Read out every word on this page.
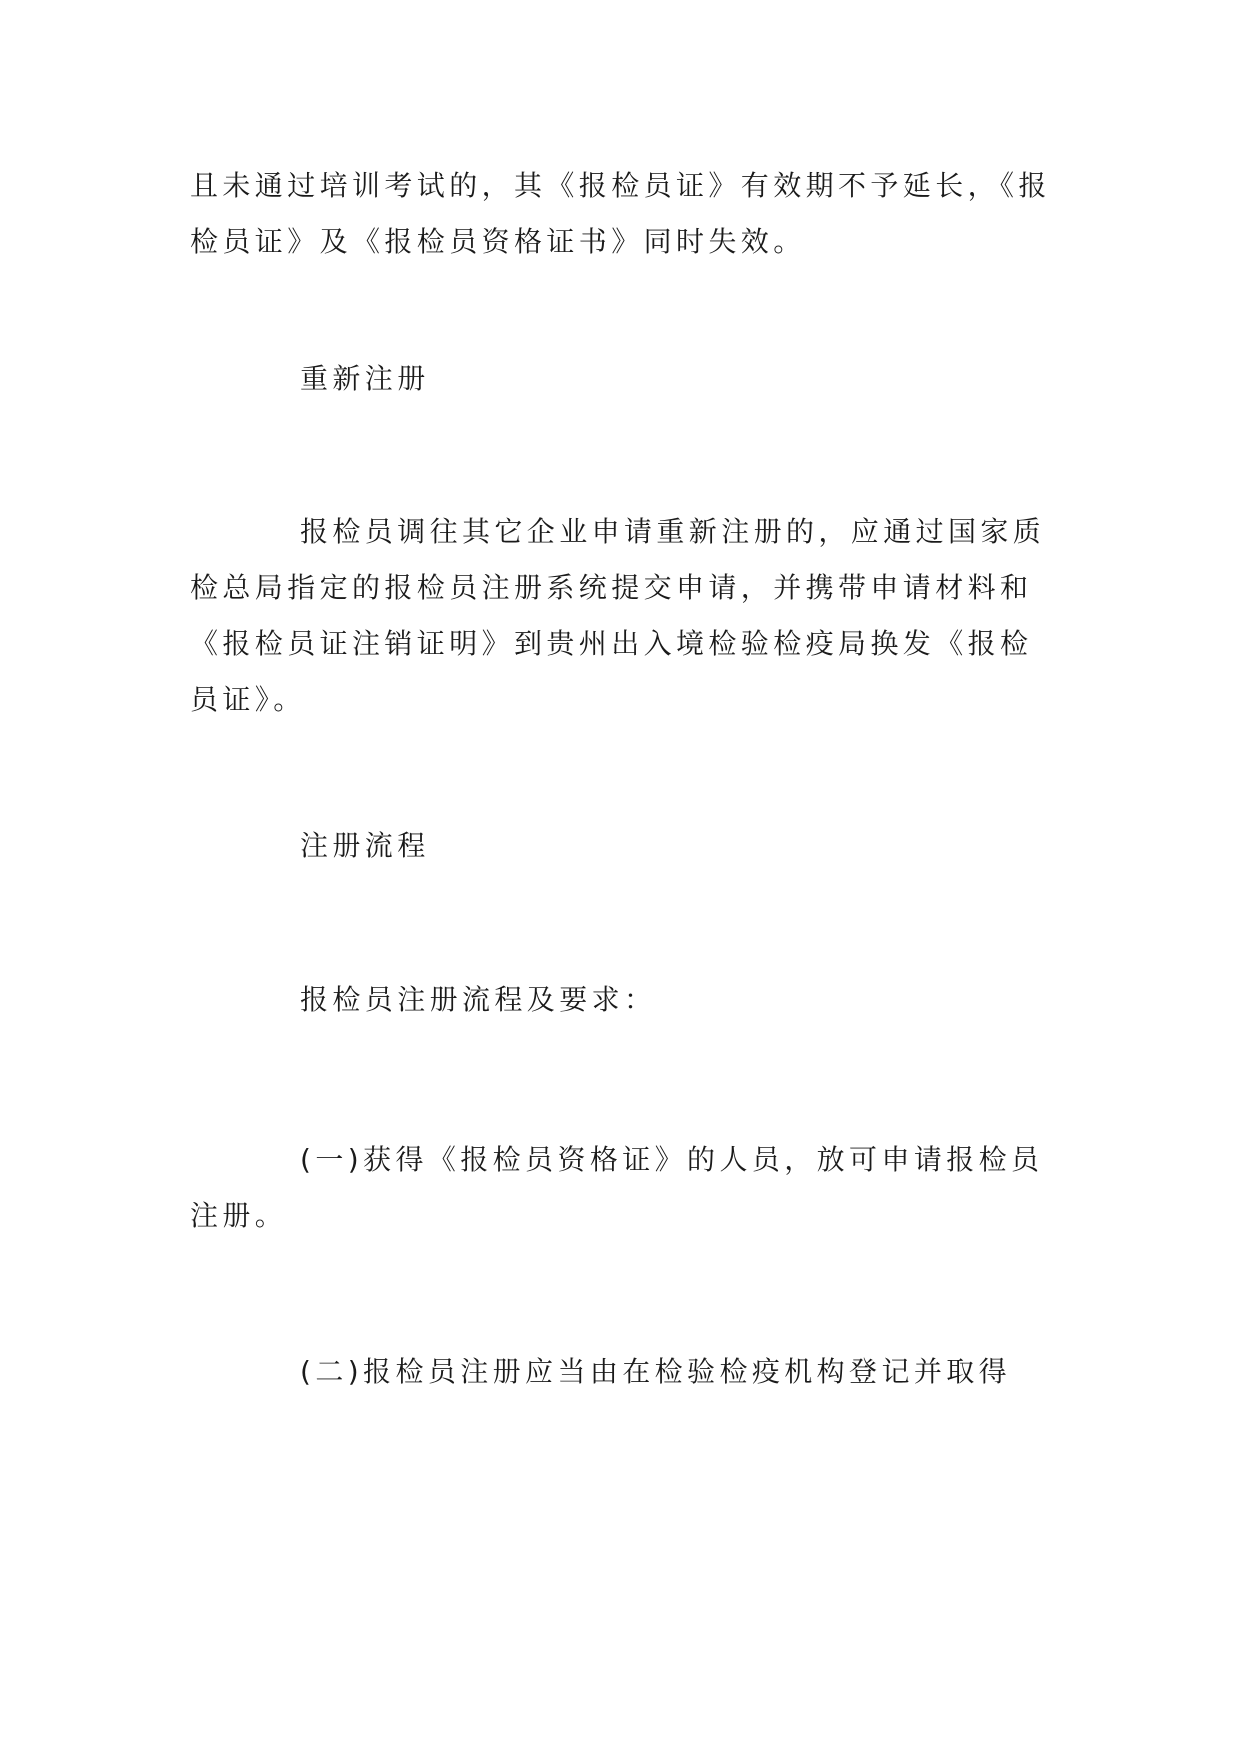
且未通过培训考试的，其《报检员证》有效期不予延长，《报
检员证》及《报检员资格证书》同时失效。
重新注册
报检员调往其它企业申请重新注册的，应通过国家质
检总局指定的报检员注册系统提交申请，并携带申请材料和
《报检员证注销证明》到贵州出入境检验检疫局换发《报检
员证》。
注册流程
报检员注册流程及要求：
(一)获得《报检员资格证》的人员，放可申请报检员
注册。
(二)报检员注册应当由在检验检疫机构登记并取得
